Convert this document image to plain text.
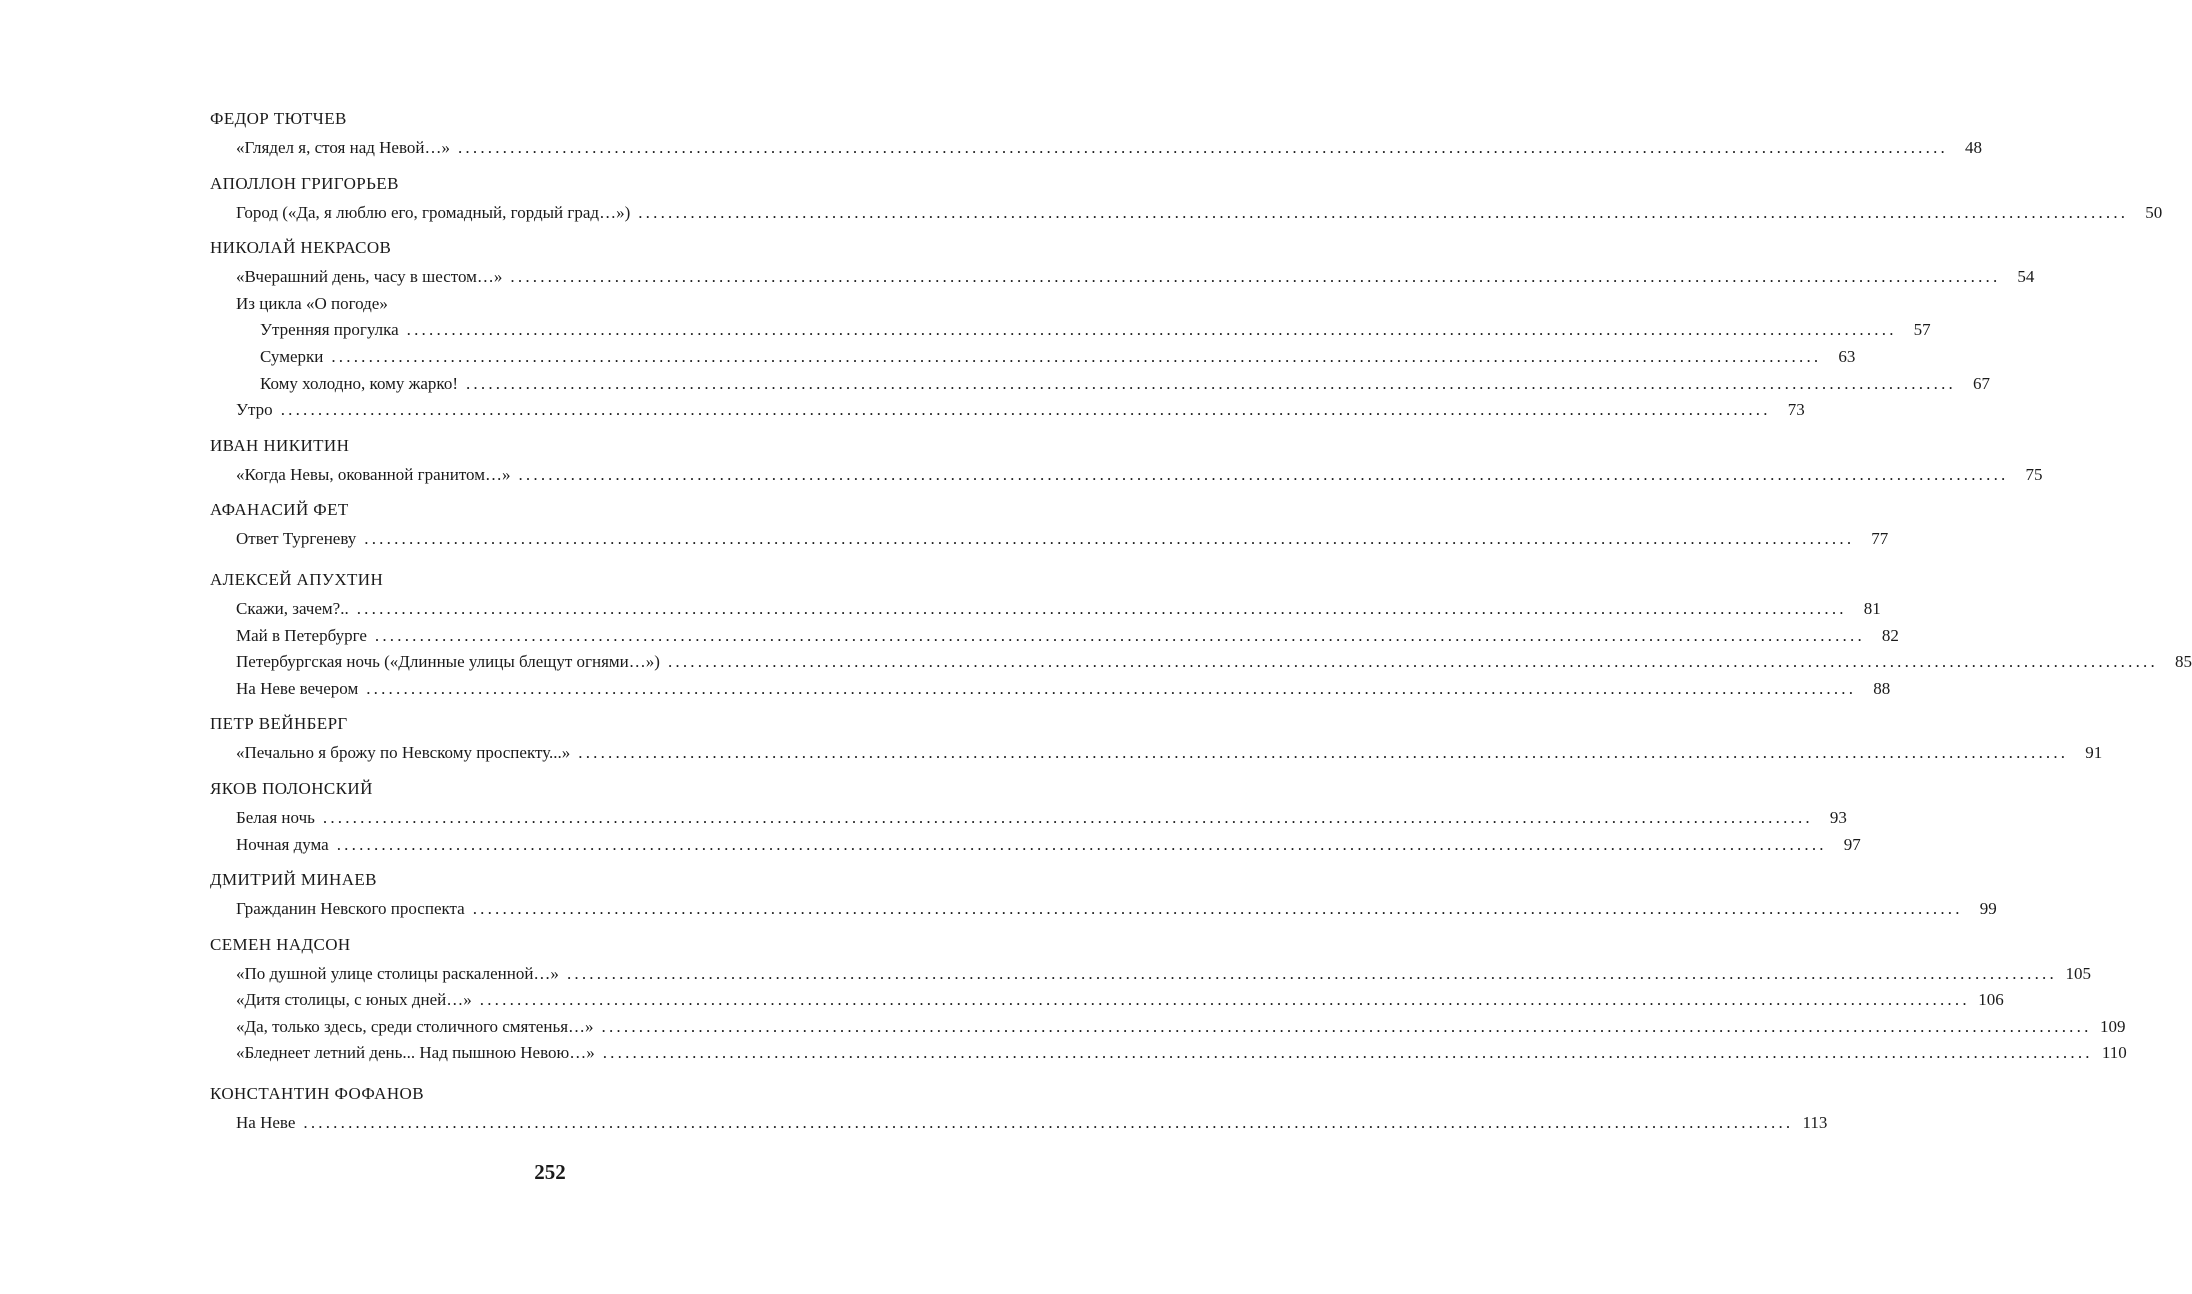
ФЕДОР ТЮТЧЕВ
«Глядел я, стоя над Невой…» ........................................................................................................................................................................................................	48
АПОЛЛОН ГРИГОРЬЕВ
Город («Да, я люблю его, громадный, гордый град…») ........................................................................................................................................................................................................	50
НИКОЛАЙ НЕКРАСОВ
«Вчерашний день, часу в шестом…» ........................................................................................................................................................................................................	54
Из цикла «О погоде»
Утренняя прогулка ........................................................................................................................................................................................................	57
Сумерки ........................................................................................................................................................................................................	63
Кому холодно, кому жарко! ........................................................................................................................................................................................................	67
Утро ........................................................................................................................................................................................................	73
ИВАН НИКИТИН
«Когда Невы, окованной гранитом…» ........................................................................................................................................................................................................	75
АФАНАСИЙ ФЕТ
Ответ Тургеневу ........................................................................................................................................................................................................	77
АЛЕКСЕЙ АПУХТИН
Скажи, зачем?.. ........................................................................................................................................................................................................	81
Май в Петербурге ........................................................................................................................................................................................................	82
Петербургская ночь («Длинные улицы блещут огнями…») ........................................................................................................................................................................................................	85
На Неве вечером ........................................................................................................................................................................................................	88
ПЕТР ВЕЙНБЕРГ
«Печально я брожу по Невскому проспекту...» ........................................................................................................................................................................................................	91
ЯКОВ ПОЛОНСКИЙ
Белая ночь ........................................................................................................................................................................................................	93
Ночная дума ........................................................................................................................................................................................................	97
ДМИТРИЙ МИНАЕВ
Гражданин Невского проспекта ........................................................................................................................................................................................................	99
СЕМЕН НАДСОН
«По душной улице столицы раскаленной…» ........................................................................................................................................................................................................ 105
«Дитя столицы, с юных дней…» ........................................................................................................................................................................................................ 106
«Да, только здесь, среди столичного смятенья…» ........................................................................................................................................................................................................ 109
«Бледнеет летний день... Над пышною Невою…» ........................................................................................................................................................................................................ 110
КОНСТАНТИН ФОФАНОВ
На Неве ........................................................................................................................................................................................................ 113
252
